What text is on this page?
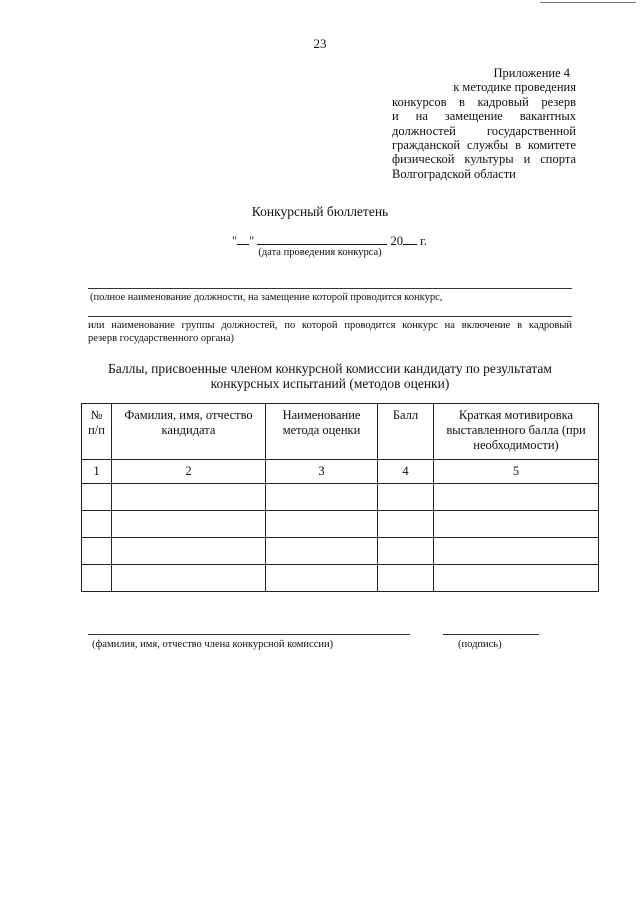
23
Приложение 4
к методике проведения
конкурсов в кадровый резерв
и на замещение вакантных
должностей государственной
гражданской службы в комитете
физической культуры и спорта
Волгоградской области
Конкурсный бюллетень
" "	20 г.
(дата проведения конкурса)
(полное наименование должности, на замещение которой проводится конкурс,
или наименование группы должностей, по которой проводится конкурс на включение в кадровый
резерв государственного органа)
Баллы, присвоенные членом конкурсной комиссии кандидату по результатам
конкурсных испытаний (методов оценки)
№ п/п	Фамилия, имя, отчество кандидата	Наименование метода оценки	Балл	Краткая мотивировка выставленного балла (при необходимости)
1	2	3	4	5

(фамилия, имя, отчество члена конкурсной комиссии)	(подпись)
